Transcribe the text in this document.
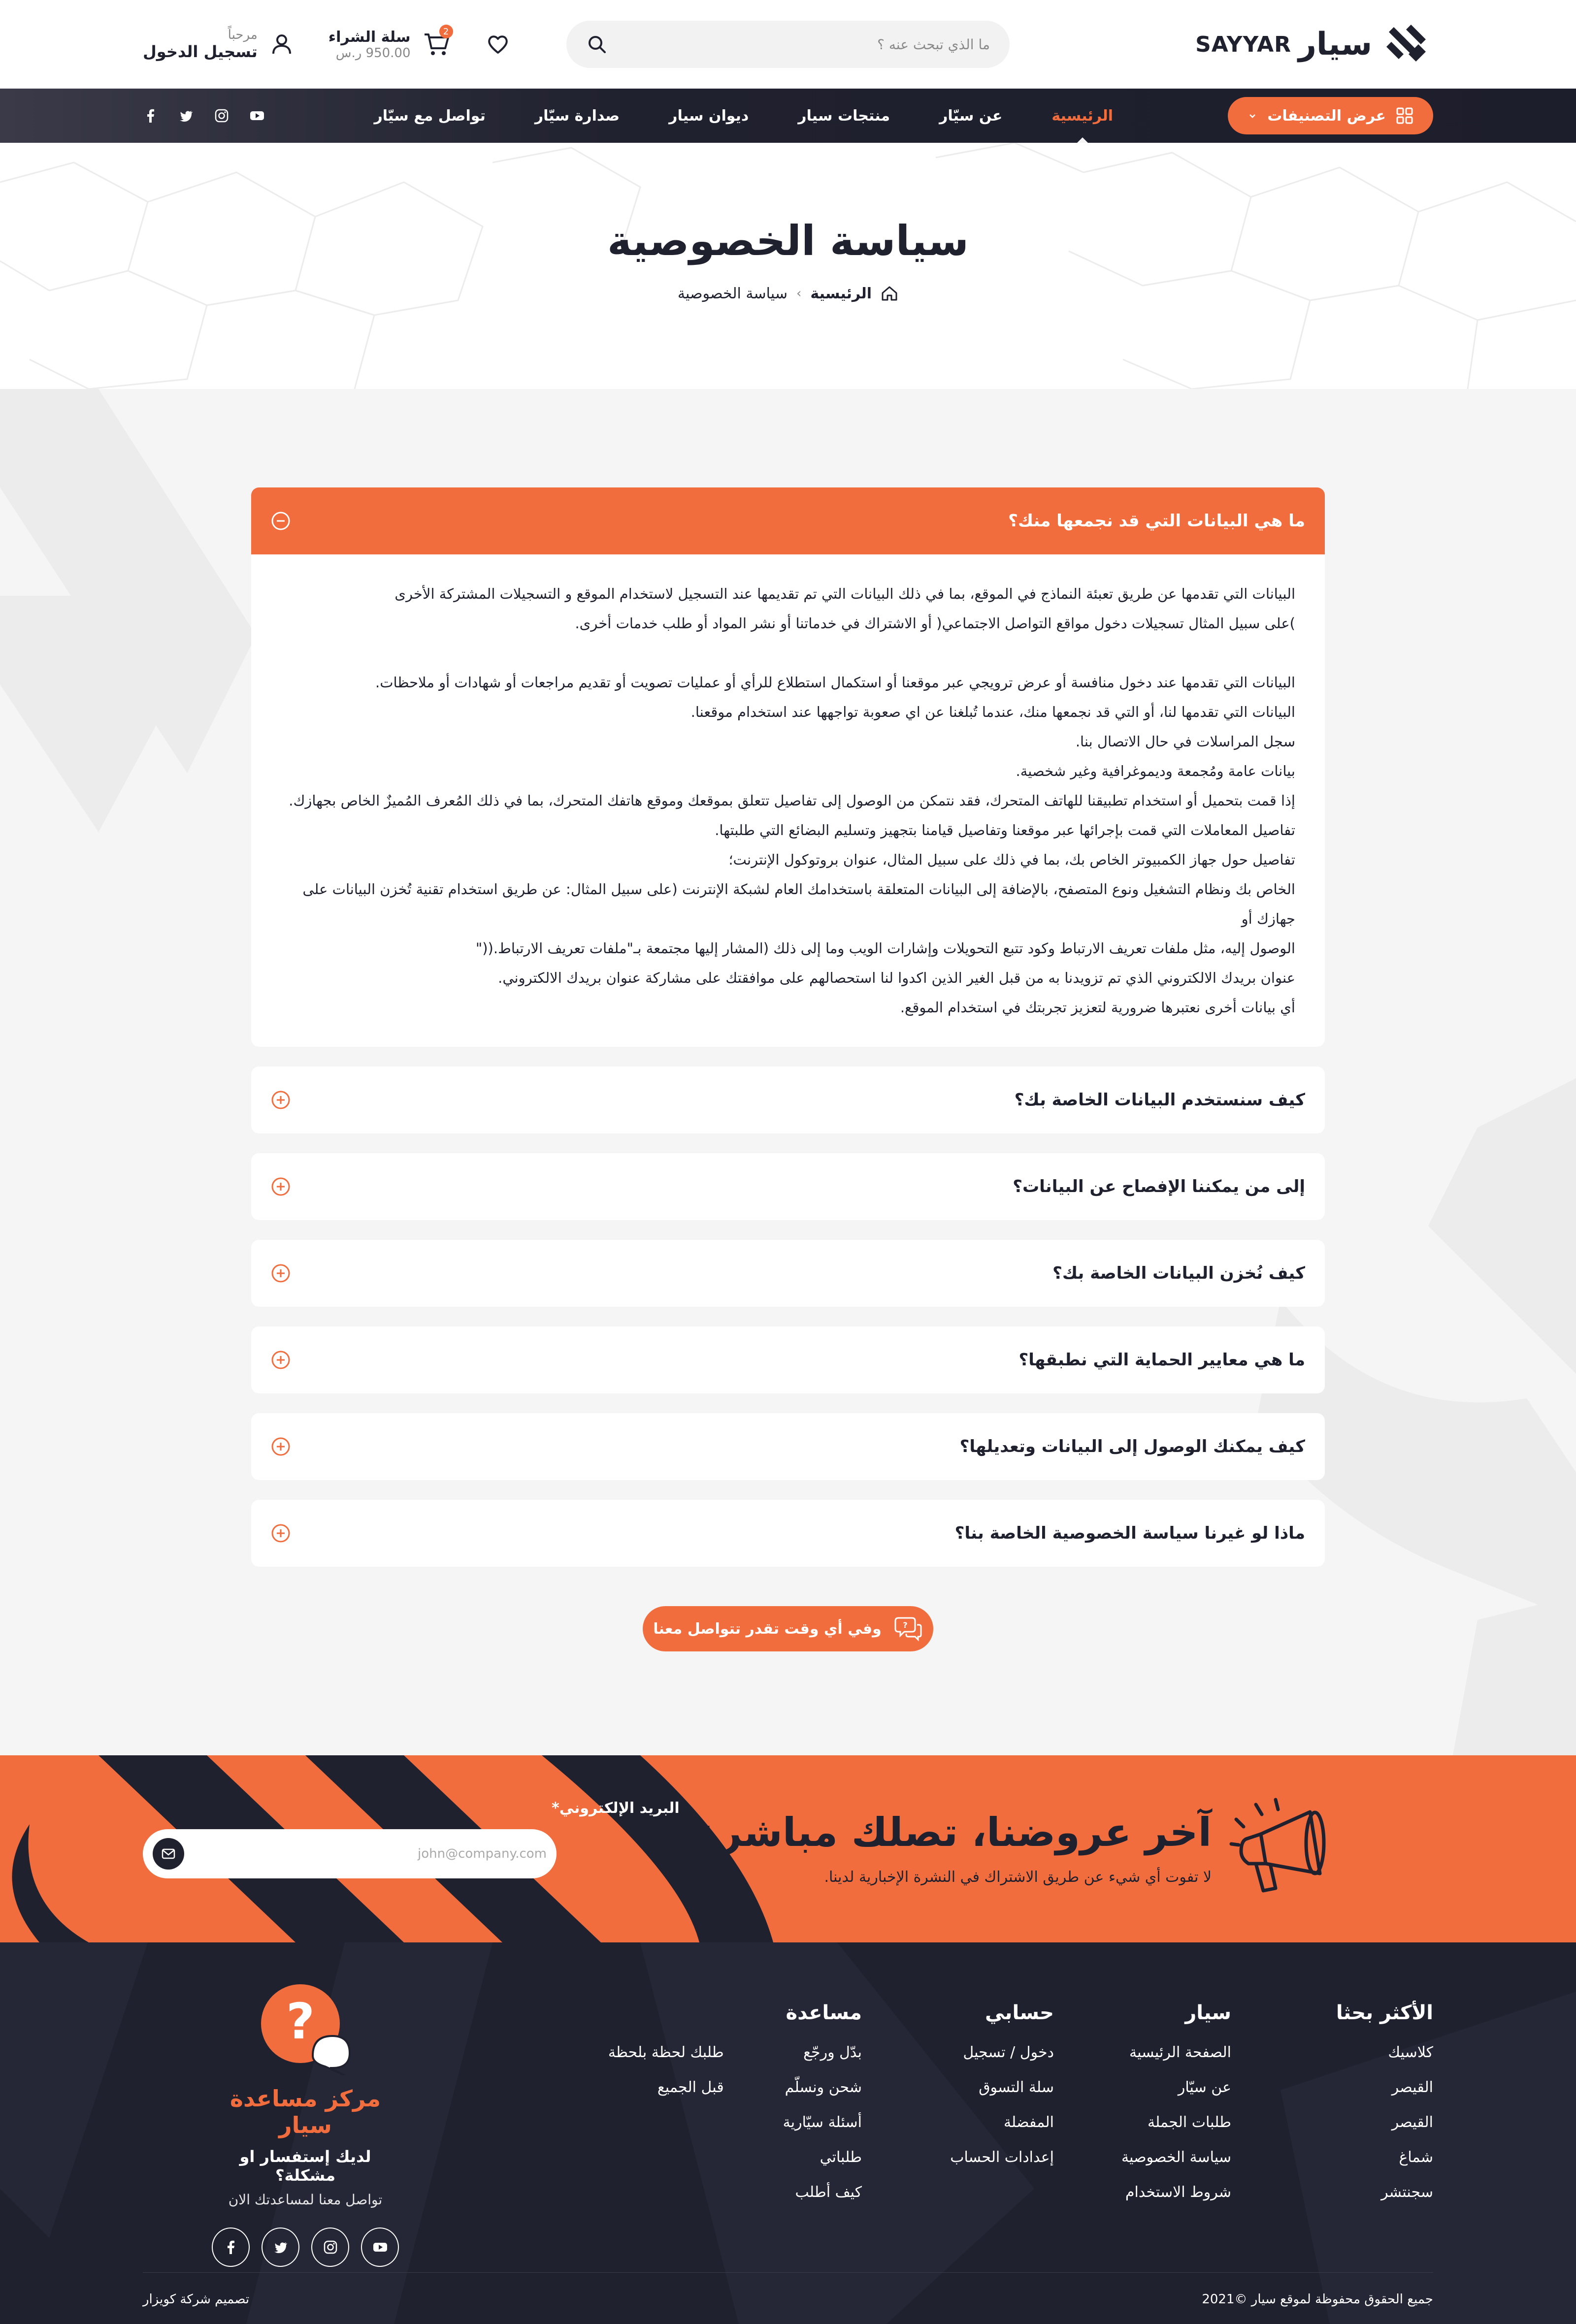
سيار
SAYYAR
ما الذي تبحث عنه ؟
2
سلة الشراء
950.00 ر.س
مرحباً
تسجيل الدخول
عرض التصنيفات
الرئيسية
عن سيّار
منتجات سيار
ديوان سيار
صدارة سيّار
تواصل مع سيّار
سياسة الخصوصية
الرئيسية
›
سياسة الخصوصية
ما هي البيانات التي قد نجمعها منك؟

البيانات التي تقدمها عن طريق تعبئة النماذج في الموقع، بما في ذلك البيانات التي تم تقديمها عند التسجيل لاستخدام الموقع و التسجيلات المشتركة الأخرى

)على سبيل المثال تسجيلات دخول مواقع التواصل الاجتماعي( أو الاشتراك في خدماتنا أو نشر المواد أو طلب خدمات أخرى.

البيانات التي تقدمها عند دخول منافسة أو عرض ترويجي عبر موقعنا أو استكمال استطلاع للرأي أو عمليات تصويت أو تقديم مراجعات أو شهادات أو ملاحظات.

البيانات التي تقدمها لنا، أو التي قد نجمعها منك، عندما تُبلغنا عن اي صعوبة تواجهها عند استخدام موقعنا.

سجل المراسلات في حال الاتصال بنا.

بيانات عامة ومُجمعة وديموغرافية وغير شخصية.

إذا قمت بتحميل أو استخدام تطبيقنا للهاتف المتحرك، فقد نتمكن من الوصول إلى تفاصيل تتعلق بموقعك وموقع هاتفك المتحرك، بما في ذلك المُعرف المُميزٌ الخاص بجهازك.

تفاصيل المعاملات التي قمت بإجرائها عبر موقعنا وتفاصيل قيامنا بتجهيز وتسليم البضائع التي طلبتها.

تفاصيل حول جهاز الكمبيوتر الخاص بك، بما في ذلك على سبيل المثال، عنوان بروتوكول الإنترنت؛

الخاص بك ونظام التشغيل ونوع المتصفح، بالإضافة إلى البيانات المتعلقة باستخدامك العام لشبكة الإنترنت (على سبيل المثال: عن طريق استخدام تقنية تُخزن البيانات على جهازك أو

الوصول إليه، مثل ملفات تعريف الارتباط وكود تتبع التحويلات وإشارات الويب وما إلى ذلك (المشار إليها مجتمعة بـ"ملفات تعريف الارتباط.(("

عنوان بريدك الالكتروني الذي تم تزويدنا به من قبل الغير الذين اكدوا لنا استحصالهم على موافقتك على مشاركة عنوان بريدك الالكتروني.

أي بيانات أخرى نعتبرها ضرورية لتعزيز تجربتك في استخدام الموقع.

كيف سنستخدم البيانات الخاصة بك؟
إلى من يمكننا الإفصاح عن البيانات؟
كيف نُخزن البيانات الخاصة بك؟
ما هي معايير الحماية التي نطبقها؟
كيف يمكنك الوصول إلى البيانات وتعديلها؟
ماذا لو غيرنا سياسة الخصوصية الخاصة بنا؟
?
وفي أي وقت تقدر تتواصل معنا
آخر عروضنا، تصلك مباشرة
لا تفوت أي شيء عن طريق الاشتراك في النشرة الإخبارية لدينا.
البريد الإلكتروني*
john@company.com
الأكثر بحثا
كلاسيك
القيصر
القيصر
شماغ
سجنتشر
سيار
الصفحة الرئيسية
عن سيّار
طلبات الجملة
سياسة الخصوصية
شروط الاستخدام
حسابي
دخول / تسجيل
سلة التسوق
المفضلة
إعدادات الحساب
مساعدة
بدّل ورجّع
شحن ونسلّم
أسئلة سيّارية
طلباتي
كيف أطلب
طلبك لحظة بلحظة
قبل الجميع
?
مركز مساعدة سيار
لديك إستفسار او مشكلة؟
تواصل معنا لمساعدتك الان
جميع الحقوق محفوظة لموقع سيار ©2021
تصميم شركة كويزار
